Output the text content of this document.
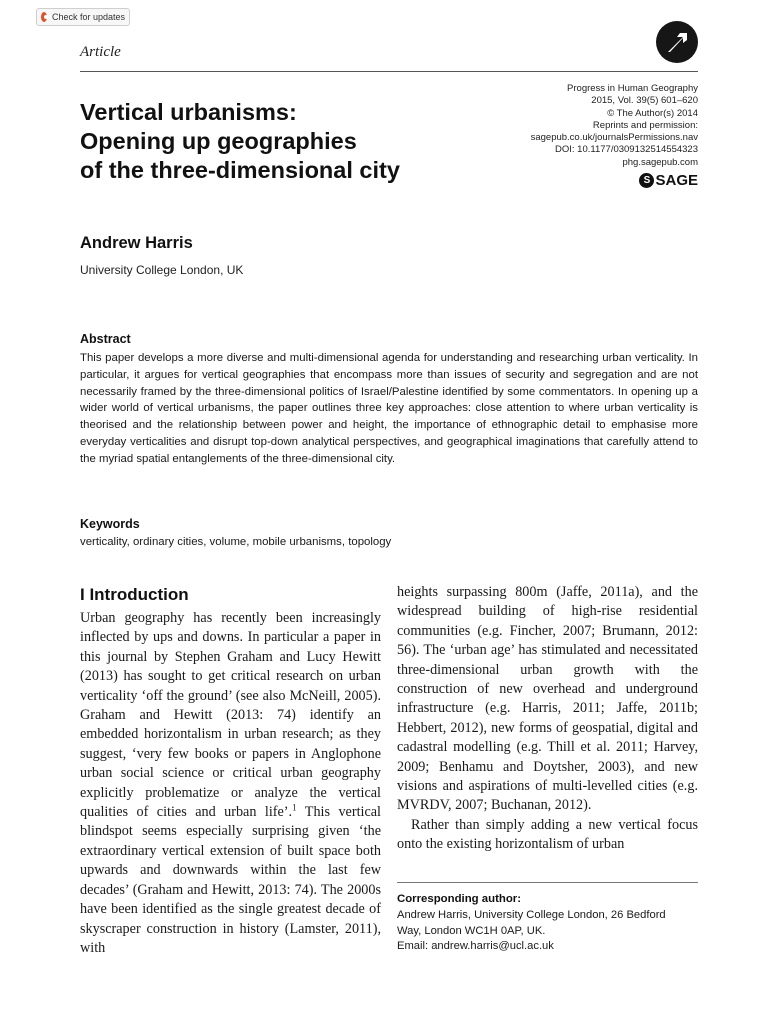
Check for updates
Article
Progress in Human Geography
2015, Vol. 39(5) 601–620
© The Author(s) 2014
Reprints and permission:
sagepub.co.uk/journalsPermissions.nav
DOI: 10.1177/0309132514554323
phg.sagepub.com
S SAGE
Vertical urbanisms:
Opening up geographies
of the three-dimensional city
Andrew Harris
University College London, UK
Abstract
This paper develops a more diverse and multi-dimensional agenda for understanding and researching urban verticality. In particular, it argues for vertical geographies that encompass more than issues of security and segregation and are not necessarily framed by the three-dimensional politics of Israel/Palestine identified by some commentators. In opening up a wider world of vertical urbanisms, the paper outlines three key approaches: close attention to where urban verticality is theorised and the relationship between power and height, the importance of ethnographic detail to emphasise more everyday verticalities and disrupt top-down analytical perspectives, and geographical imaginations that carefully attend to the myriad spatial entanglements of the three-dimensional city.
Keywords
verticality, ordinary cities, volume, mobile urbanisms, topology
I Introduction

Urban geography has recently been increasingly inflected by ups and downs. In particular a paper in this journal by Stephen Graham and Lucy Hewitt (2013) has sought to get critical research on urban verticality ‘off the ground’ (see also McNeill, 2005). Graham and Hewitt (2013: 74) identify an embedded horizontalism in urban research; as they suggest, ‘very few books or papers in Anglophone urban social science or critical urban geography explicitly problematize or analyze the vertical qualities of cities and urban life’.$^1$ This vertical blindspot seems especially surprising given ‘the extraordinary vertical extension of built space both upwards and downwards within the last few decades’ (Graham and Hewitt, 2013: 74). The 2000s have been identified as the single greatest decade of skyscraper construction in history (Lamster, 2011), with

heights surpassing 800m (Jaffe, 2011a), and the widespread building of high-rise residential communities (e.g. Fincher, 2007; Brumann, 2012: 56). The ‘urban age’ has stimulated and necessitated three-dimensional urban growth with the construction of new overhead and underground infrastructure (e.g. Harris, 2011; Jaffe, 2011b; Hebbert, 2012), new forms of geospatial, digital and cadastral modelling (e.g. Thill et al. 2011; Harvey, 2009; Benhamu and Doytsher, 2003), and new visions and aspirations of multi-levelled cities (e.g. MVRDV, 2007; Buchanan, 2012).

Rather than simply adding a new vertical focus onto the existing horizontalism of urban

Corresponding author:
Andrew Harris, University College London, 26 Bedford
Way, London WC1H 0AP, UK.
Email: andrew.harris@ucl.ac.uk
